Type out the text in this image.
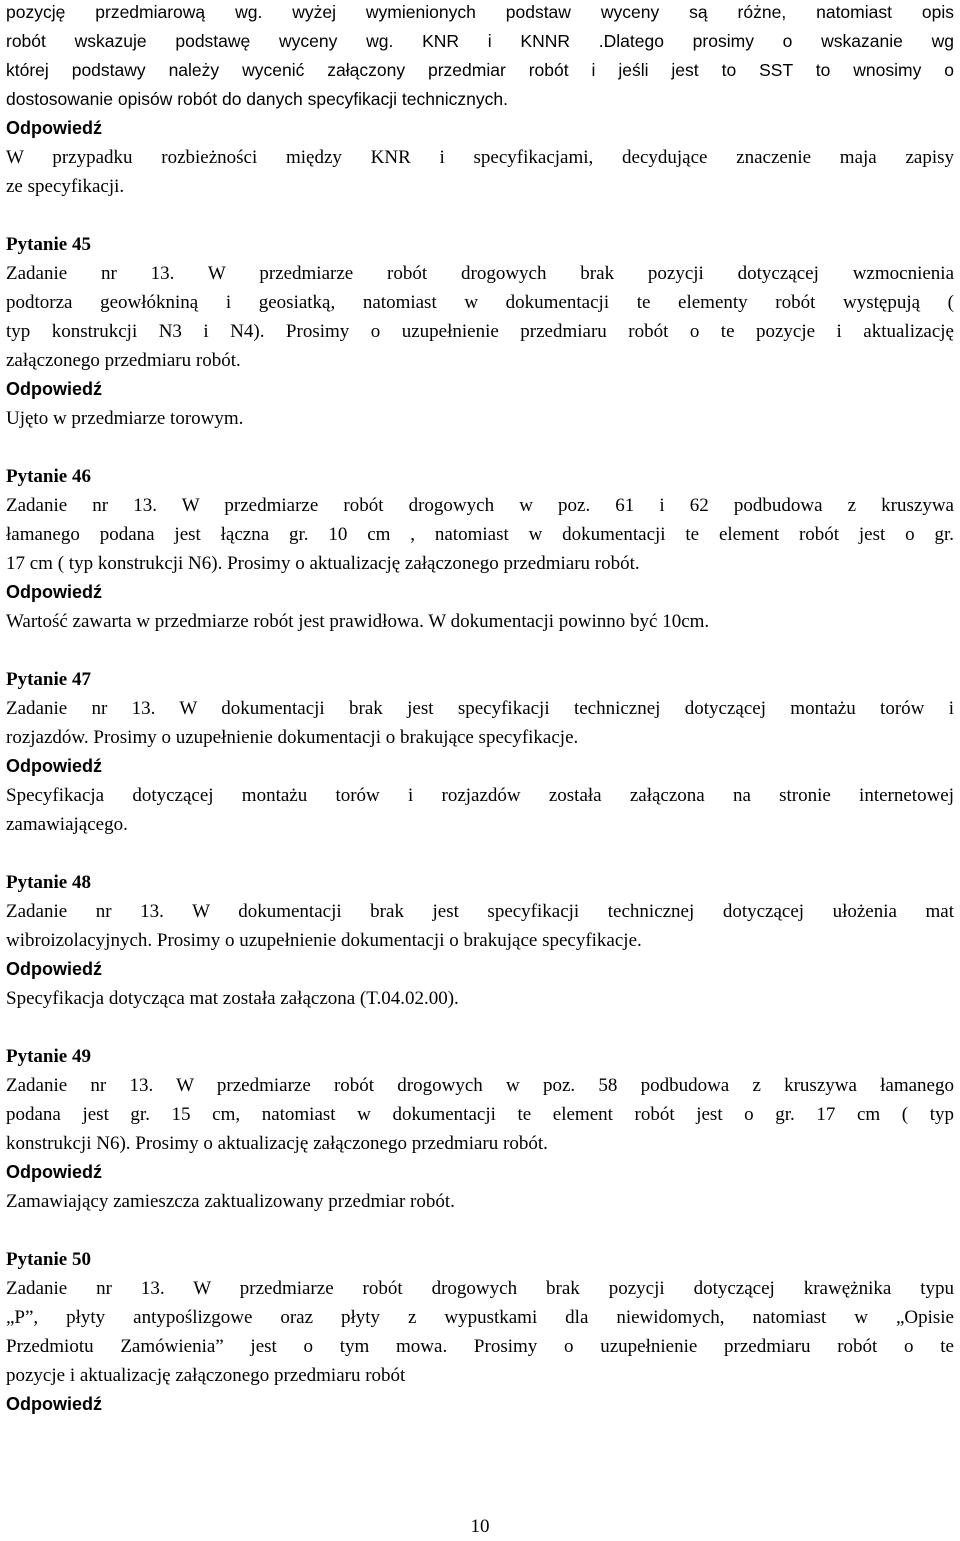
pozycję przedmiarową wg. wyżej wymienionych podstaw wyceny są różne, natomiast opis
robót wskazuje podstawę wyceny wg. KNR i KNNR .Dlatego prosimy o wskazanie wg
której podstawy należy wycenić załączony przedmiar robót i jeśli jest to SST to wnosimy o
dostosowanie opisów robót do danych specyfikacji technicznych.
Odpowiedź
W przypadku rozbieżności między KNR i specyfikacjami, decydujące znaczenie maja zapisy
ze specyfikacji.
Pytanie 45
Zadanie nr 13. W przedmiarze robót drogowych brak pozycji dotyczącej wzmocnienia
podtorza geowłókniną i geosiatką, natomiast w dokumentacji te elementy robót występują (
typ konstrukcji N3 i N4). Prosimy o uzupełnienie przedmiaru robót o te pozycje i aktualizację
załączonego przedmiaru robót.
Odpowiedź
Ujęto w przedmiarze torowym.
Pytanie 46
Zadanie nr 13. W przedmiarze robót drogowych w poz. 61 i 62 podbudowa z kruszywa
łamanego podana jest łączna gr. 10 cm , natomiast w dokumentacji te element robót jest o gr.
17 cm ( typ konstrukcji N6). Prosimy o aktualizację załączonego przedmiaru robót.
Odpowiedź
Wartość zawarta w przedmiarze robót jest prawidłowa. W dokumentacji powinno być 10cm.
Pytanie 47
Zadanie nr 13. W dokumentacji brak jest specyfikacji technicznej dotyczącej montażu torów i
rozjazdów. Prosimy o uzupełnienie dokumentacji o brakujące specyfikacje.
Odpowiedź
Specyfikacja dotyczącej montażu torów i rozjazdów została załączona na stronie internetowej
zamawiającego.
Pytanie 48
Zadanie nr 13. W dokumentacji brak jest specyfikacji technicznej dotyczącej ułożenia mat
wibroizolacyjnych. Prosimy o uzupełnienie dokumentacji o brakujące specyfikacje.
Odpowiedź
Specyfikacja dotycząca mat została załączona (T.04.02.00).
Pytanie 49
Zadanie nr 13. W przedmiarze robót drogowych w poz. 58 podbudowa z kruszywa łamanego
podana jest gr. 15 cm, natomiast w dokumentacji te element robót jest o gr. 17 cm ( typ
konstrukcji N6). Prosimy o aktualizację załączonego przedmiaru robót.
Odpowiedź
Zamawiający zamieszcza zaktualizowany przedmiar robót.
Pytanie 50
Zadanie nr 13. W przedmiarze robót drogowych brak pozycji dotyczącej krawężnika typu
„P”, płyty antypoślizgowe oraz płyty z wypustkami dla niewidomych, natomiast w „Opisie
Przedmiotu Zamówienia” jest o tym mowa. Prosimy o uzupełnienie przedmiaru robót o te
pozycje i aktualizację załączonego przedmiaru robót
Odpowiedź
10
